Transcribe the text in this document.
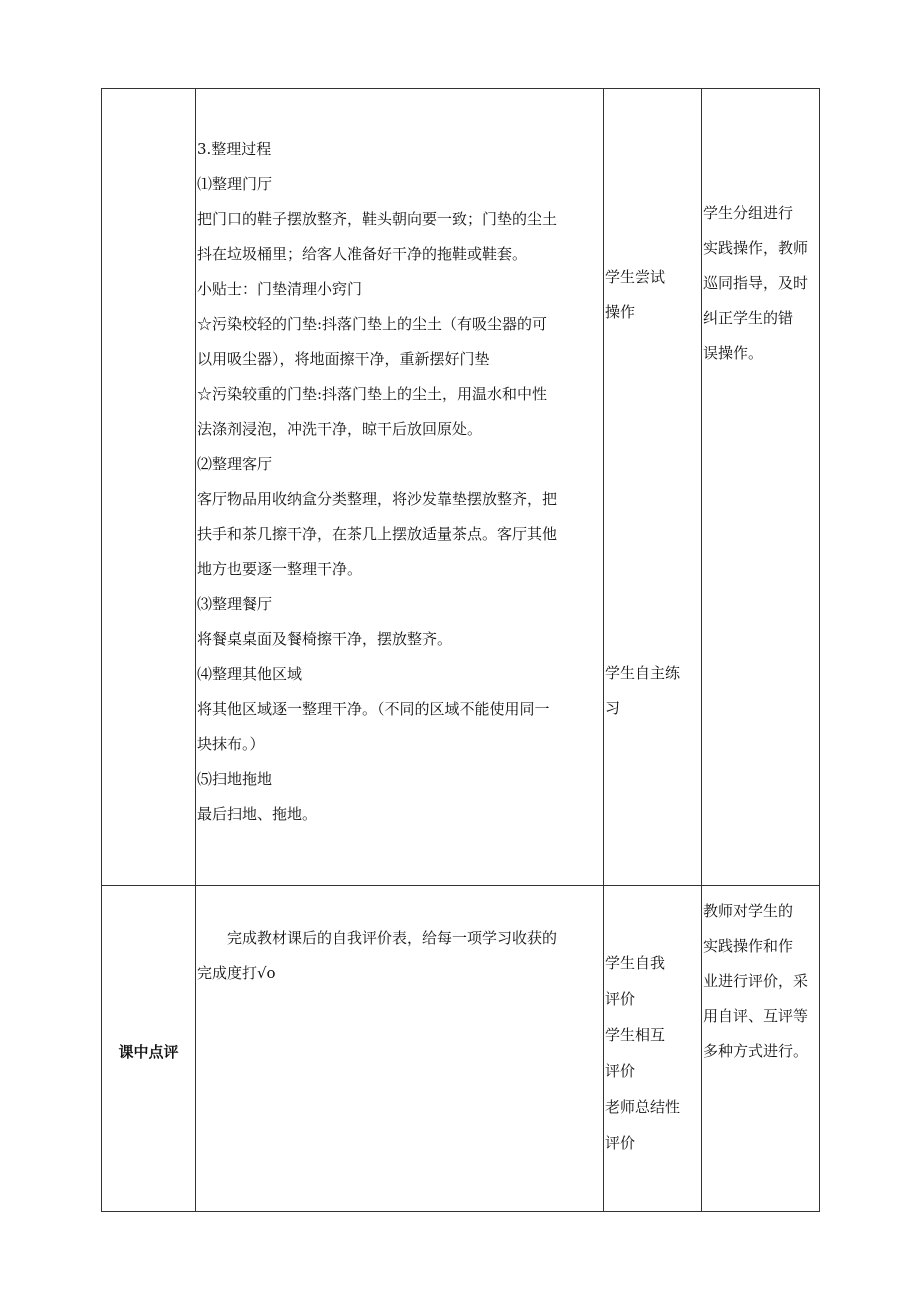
3.整理过程

⑴整理门厅

把门口的鞋子摆放整齐，鞋头朝向要一致；门垫的尘土

抖在垃圾桶里；给客人准备好干净的拖鞋或鞋套。

小贴士：门垫清理小窍门

☆污染校轻的门垫:抖落门垫上的尘土（有吸尘器的可

以用吸尘器），将地面擦干净，重新摆好门垫

☆污染较重的门垫:抖落门垫上的尘土，用温水和中性

法涤剂浸泡，冲洗干净，晾干后放回原处。

⑵整理客厅

客厅物品用收纳盒分类整理，将沙发靠垫摆放整齐，把

扶手和茶几擦干净，在茶几上摆放适量茶点。客厅其他

地方也要逐一整理干净。

⑶整理餐厅

将餐桌桌面及餐椅擦干净，摆放整齐。

⑷整理其他区域

将其他区域逐一整理干净。（不同的区域不能使用同一

块抹布。）

⑸扫地拖地

最后扫地、拖地。

学生尝试

操作

学生自主练

习

学生分组进行

实践操作，教师

巡同指导，及时

纠正学生的错

误操作。

课中点评

完成教材课后的自我评价表，给每一项学习收获的

完成度打√o

学生自我

评价

学生相互

评价

老师总结性

评价

教师对学生的

实践操作和作

业进行评价，采

用自评、互评等

多种方式进行。
